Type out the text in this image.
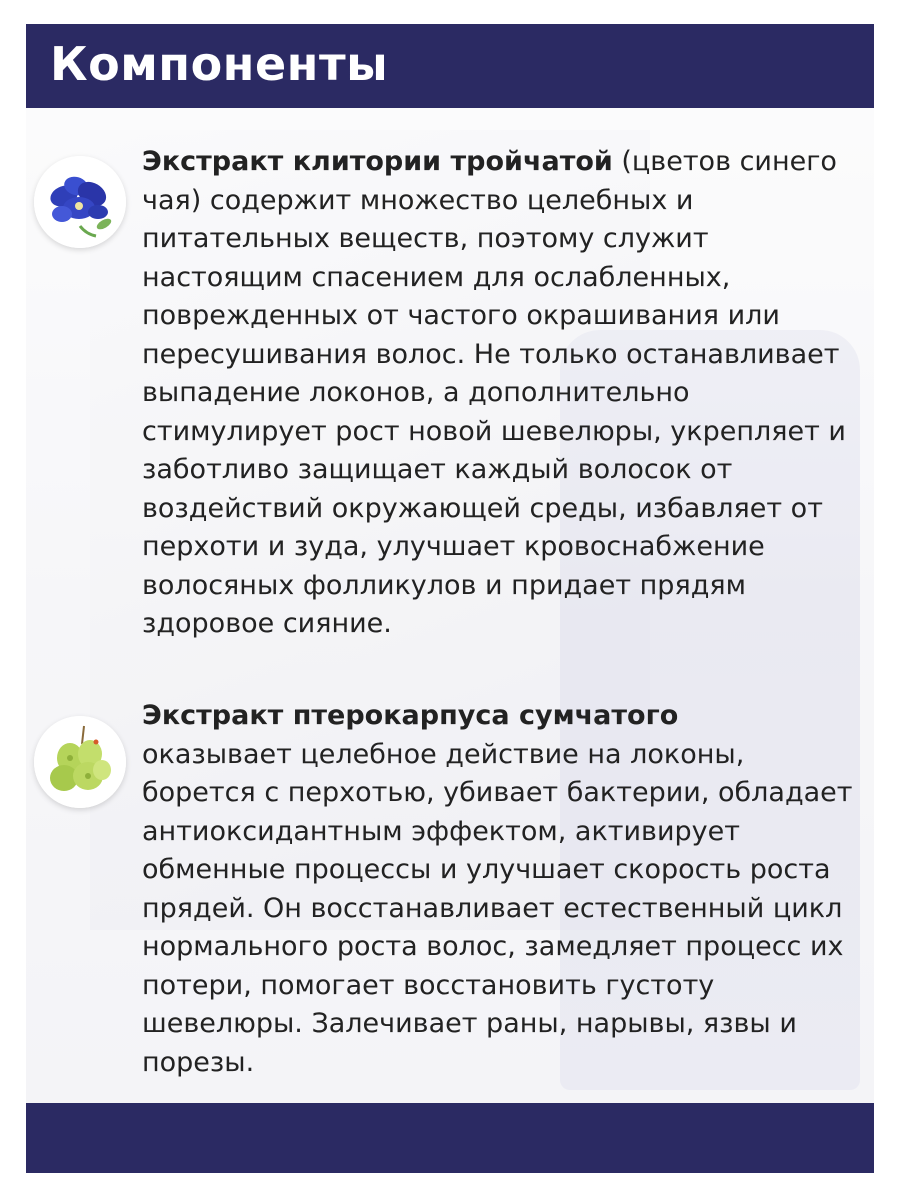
Компоненты
Экстракт клитории тройчатой (цветов синего чая) содержит множество целебных и питательных веществ, поэтому служит настоящим спасением для ослабленных, поврежденных от частого окрашивания или пересушивания волос. Не только останавливает выпадение локонов, а дополнительно стимулирует рост новой шевелюры, укрепляет и заботливо защищает каждый волосок от воздействий окружающей среды, избавляет от перхоти и зуда, улучшает кровоснабжение волосяных фолликулов и придает прядям здоровое сияние.
Экстракт птерокарпуса сумчатого
оказывает целебное действие на локоны, борется с перхотью, убивает бактерии, обладает антиоксидантным эффектом, активирует обменные процессы и улучшает скорость роста прядей. Он восстанавливает естественный цикл нормального роста волос, замедляет процесс их потери, помогает восстановить густоту шевелюры. Залечивает раны, нарывы, язвы и порезы.
